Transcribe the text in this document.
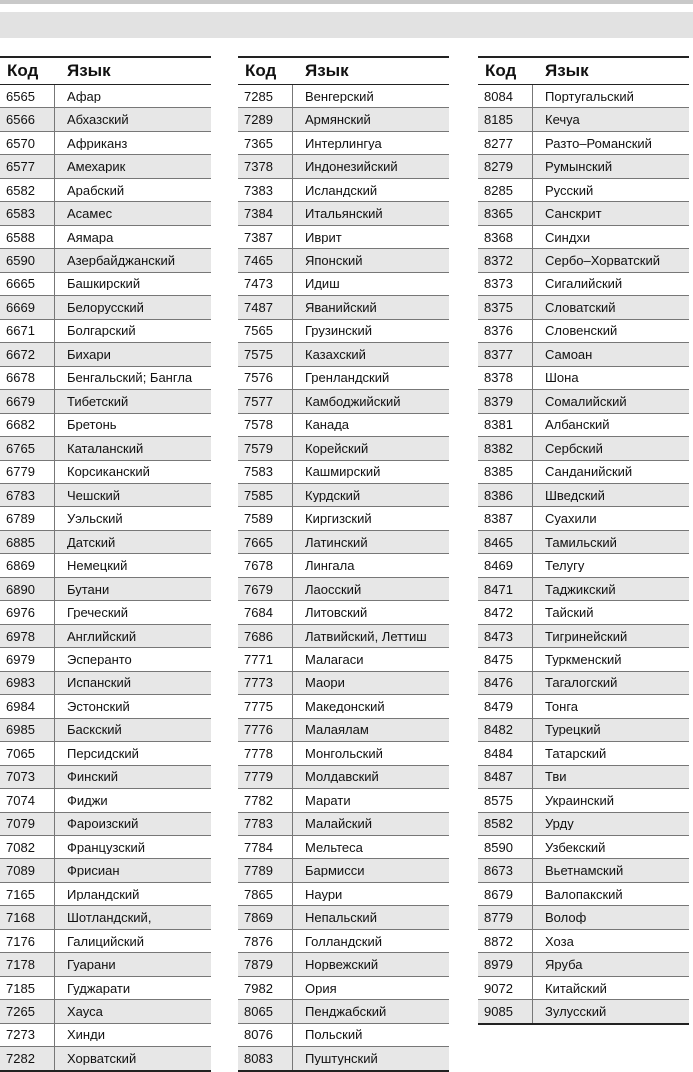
Код	Язык
6565	Афар
6566	Абхазский
6570	Африканз
6577	Амехарик
6582	Арабский
6583	Асамес
6588	Аямара
6590	Азербайджанский
6665	Башкирский
6669	Белорусский
6671	Болгарский
6672	Бихари
6678	Бенгальский; Бангла
6679	Тибетский
6682	Бретонь
6765	Каталанский
6779	Корсиканский
6783	Чешский
6789	Уэльский
6885	Датский
6869	Немецкий
6890	Бутани
6976	Греческий
6978	Английский
6979	Эсперанто
6983	Испанский
6984	Эстонский
6985	Баскский
7065	Персидский
7073	Финский
7074	Фиджи
7079	Фароизский
7082	Французский
7089	Фрисиан
7165	Ирландский
7168	Шотландский,
7176	Галицийский
7178	Гуарани
7185	Гуджарати
7265	Хауса
7273	Хинди
7282	Хорватский
Код	Язык
7285	Венгерский
7289	Армянский
7365	Интерлингуа
7378	Индонезийский
7383	Исландский
7384	Итальянский
7387	Иврит
7465	Японский
7473	Идиш
7487	Яванийский
7565	Грузинский
7575	Казахский
7576	Гренландский
7577	Камбоджийский
7578	Канада
7579	Корейский
7583	Кашмирский
7585	Курдский
7589	Киргизский
7665	Латинский
7678	Лингала
7679	Лаосский
7684	Литовский
7686	Латвийский, Леттиш
7771	Малагаси
7773	Маори
7775	Македонский
7776	Малаялам
7778	Монгольский
7779	Молдавский
7782	Марати
7783	Малайский
7784	Мельтеса
7789	Бармисси
7865	Наури
7869	Непальский
7876	Голландский
7879	Норвежский
7982	Ория
8065	Пенджабский
8076	Польский
8083	Пуштунский
Код	Язык
8084	Португальский
8185	Кечуа
8277	Разто–Романский
8279	Румынский
8285	Русский
8365	Санскрит
8368	Синдхи
8372	Сербо–Хорватский
8373	Сигалийский
8375	Словатский
8376	Словенский
8377	Самоан
8378	Шона
8379	Сомалийский
8381	Албанский
8382	Сербский
8385	Санданийский
8386	Шведский
8387	Суахили
8465	Тамильский
8469	Телугу
8471	Таджикский
8472	Тайский
8473	Тигринейский
8475	Туркменский
8476	Тагалогский
8479	Тонга
8482	Турецкий
8484	Татарский
8487	Тви
8575	Украинский
8582	Урду
8590	Узбекский
8673	Вьетнамский
8679	Валопакский
8779	Волоф
8872	Хоза
8979	Яруба
9072	Китайский
9085	Зулусский
